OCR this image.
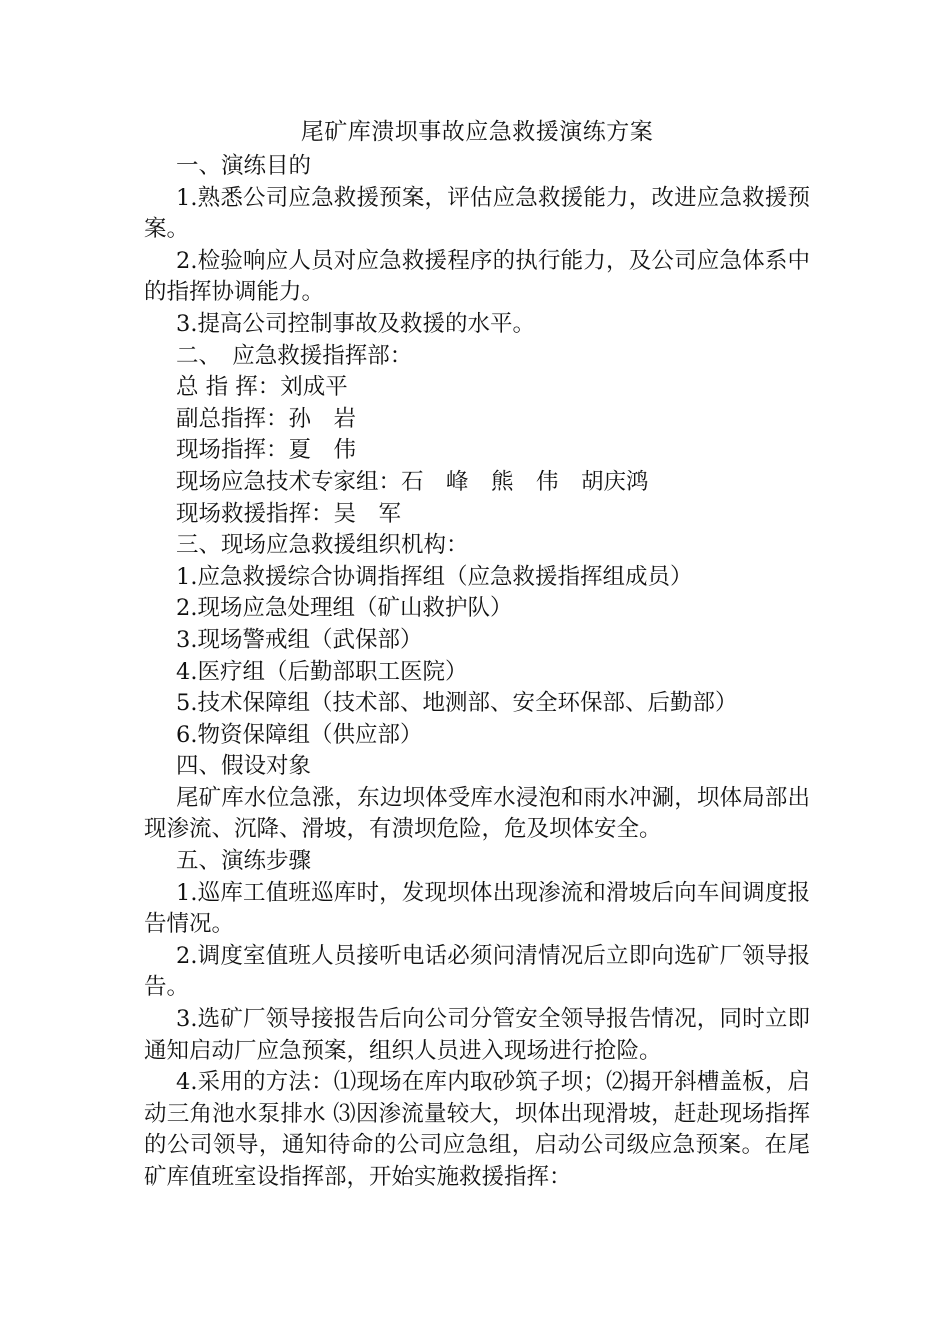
尾矿库溃坝事故应急救援演练方案
一、演练目的
1.熟悉公司应急救援预案，评估应急救援能力，改进应急救援预案。
2.检验响应人员对应急救援程序的执行能力，及公司应急体系中的指挥协调能力。
3.提高公司控制事故及救援的水平。
二、　应急救援指挥部：
总 指 挥：刘成平
副总指挥：孙　岩
现场指挥：夏　伟
现场应急技术专家组：石　峰　熊　伟　胡庆鸿
现场救援指挥：吴　军
三、现场应急救援组织机构：
1.应急救援综合协调指挥组（应急救援指挥组成员）
2.现场应急处理组（矿山救护队）
3.现场警戒组（武保部）
4.医疗组（后勤部职工医院）
5.技术保障组（技术部、地测部、安全环保部、后勤部）
6.物资保障组（供应部）
四、假设对象
尾矿库水位急涨，东边坝体受库水浸泡和雨水冲涮，坝体局部出现渗流、沉降、滑坡，有溃坝危险，危及坝体安全。
五、演练步骤
1.巡库工值班巡库时，发现坝体出现渗流和滑坡后向车间调度报告情况。
2.调度室值班人员接听电话必须问清情况后立即向选矿厂领导报告。
3.选矿厂领导接报告后向公司分管安全领导报告情况，同时立即通知启动厂应急预案，组织人员进入现场进行抢险。
4.采用的方法：⑴现场在库内取砂筑子坝；⑵揭开斜槽盖板，启动三角池水泵排水 ⑶因渗流量较大，坝体出现滑坡，赶赴现场指挥的公司领导，通知待命的公司应急组，启动公司级应急预案。在尾矿库值班室设指挥部，开始实施救援指挥：
